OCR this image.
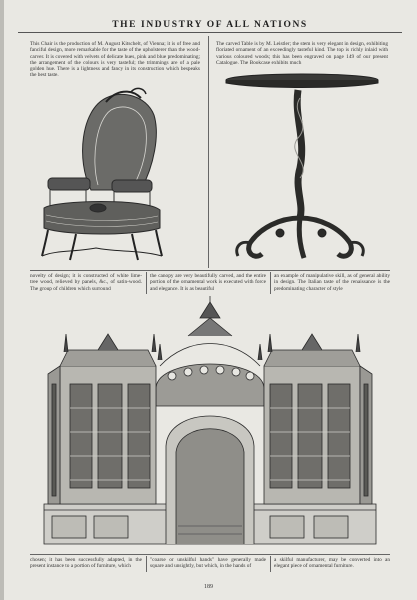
THE INDUSTRY OF ALL NATIONS
This Chair is the production of M. August Kitschelt, of Vienna; it is of free and fanciful design, more remarkable for the taste of the upholsterer than the wood-carver. It is covered with velvets of delicate hues, pink and blue predominating; the arrangement of the colours is very tasteful; the trimmings are of a pale golden hue. There is a lightness and fancy in its construction which bespeaks the best taste.
The carved Table is by M. Leistler; the stem is very elegant in design, exhibiting floriated ornament of an exceedingly tasteful kind. The top is richly inlaid with various coloured woods; this has been engraved on page 149 of our present Catalogue. The Bookcase exhibits much
novelty of design; it is constructed of white lime-tree wood, relieved by panels, &c., of satin-wood. The group of children which surround
the canopy are very beautifully carved, and the entire portion of the ornamental work is executed with force and elegance. It is as beautiful
an example of manipulative skill, as of general ability in design. The Italian taste of the renaissance is the predominating character of style
chosen; it has been successfully adapted, in the present instance to a portion of furniture, which
"coarse or unskilful hands" have generally made square and unsightly, but which, in the hands of
a skilful manufacturer, may be converted into an elegant piece of ornamental furniture.
189
